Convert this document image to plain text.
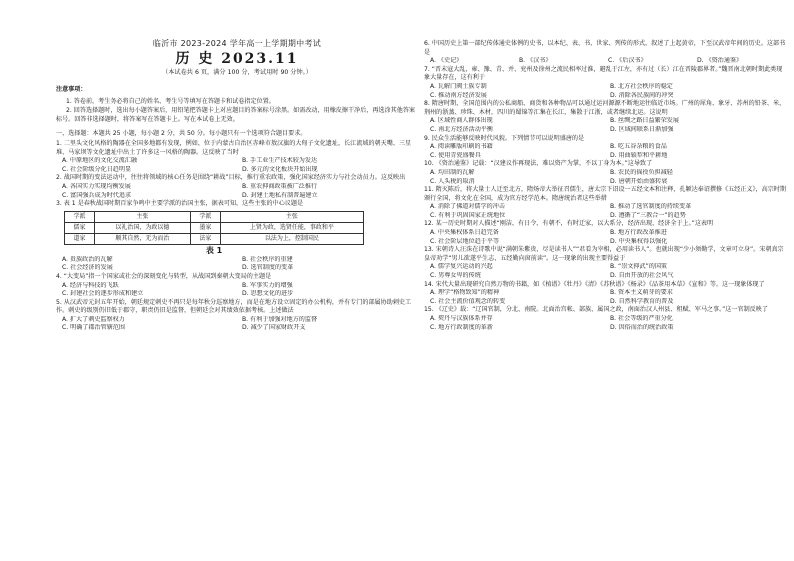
临沂市 2023-2024 学年高一上学期期中考试
历 史 2023.11
（本试卷共 6 页，满分 100 分，考试用时 90 分钟。）
注意事项：

1. 答卷前，考生务必将自己的姓名、考生号等填写在答题卡和试卷指定位置。

2. 回答选择题时，选出每小题答案后，用铅笔把答题卡上对应题目的答案标号涂黑。如需改动，用橡皮擦干净后，再选涂其他答案标号。回答非选择题时，将答案写在答题卡上。写在本试卷上无效。

一、选择题：本题共 25 小题，每小题 2 分，共 50 分。每小题只有一个选项符合题目要求。

1. 二里头文化风格的陶器在全国多地都有发现，例如，位于内蒙古自治区赤峰市敖汉旗的大甸子文化遗址，长江流域的朝天嘴、三星堆、马家坝等文化遗址中出土了许多这一风格的陶器。这反映了当时

A. 中原地区的文化交流汇融	B. 手工业生产技术较为发达
C. 社会阶级分化日趋明显	D. 多元的文化板块开始出现

2. 战国时期的变法运动中，往往将领域的核心任务是围绕“耕战”目标，推行重农政策，强化国家经济实力与社会动员力。这反映出

A. 各国实力实现均衡发展	B. 重农抑商政策被广泛推行
C. 富国强兵成为时代追求	D. 封建土地私有制普遍建立

3. 表 1 是春秋战国时期百家争鸣中主要学派的治国主张，据表可知，这些主张的中心议题是

学派	主张	学派	主张
儒家	以礼治国，为政以德	墨家	上贤为政，选贤任能，事政和平
道家	顺其自然，无为而治	法家	以法为上，控制国民
表 1
A. 贵族政治的瓦解	B. 社会秩序的重建
C. 社会经济的发展	D. 选官制度的变革

4. “大变局”指一个国家或社会的深刻变化与转型，从战国到秦朝大变局的主题是

A. 经济与科技的飞跃	B. 军事实力的增强
C. 封建社会的逐步形成和建立	D. 思想文化的进步

5. 从汉武帝元封五年开始，朝廷规定刺史不再只是每年秋分巡察地方，而是在地方设立固定的办公机构，并有专门的部属协助刺史工作。刺史的级别仍旧低于郡守，职责仍旧是监督，但朝廷会对其绩效依据考核。上述做法

A. 扩大了刺史监察权力	B. 有利于加强对地方的监督
C. 明确了郡治管辖范围	D. 减少了国家财政开支

6. 中国历史上第一部纪传体通史体例的史书，以本纪、表、书、世家、列传的形式，叙述了上起黄帝，下至汉武帝年间的历史。这部书是

A. 《史记》	B. 《汉书》	C. 《后汉书》	D. 《资治通鉴》

7. “晋末寇大乱，雍、豫、青、并、兖州及徐州之流民相率过淮，避乱于江左，亦有过（长）江在晋陵郡界者。”魏晋南北朝时期此类现象大量存在，这有利于

A. 瓦解门阀士族专制	B. 北方社会秩序的稳定
C. 推动南方经济发展	D. 消除各民族间的冲突

8. 隋唐时期，全国范围内的公私商船、商货和各种物品可以通过运河源源不断地运往临近市场。广州的犀角、象牙、苏州的铅茶、米，荆州的浙蒸、珍珠、木材，四川的蜀锦等汇集在长江，集散于江浙，或者继续北运。这说明

A. 区域性商人群体出现	B. 丝绸之路日益繁荣发展
C. 南北方经济活动平衡	D. 区域间联系日渐加强

9. 民众生活能够反映时代风貌。下列情节可以说明盛唐的是

A. 阅读雕版印刷的书籍	B. 吃五谷杂粮的食品
C. 使用青瓷盛餐具	D. 用曲辕犁和平耕地

10. 《资治通鉴》记载：“汉建议作再现法，难以资产为掌，不以丁身为本。”这导致了

A. 均田制的瓦解	B. 农民的徭役负担减轻
C. 人头税的取消	D. 唐朝开始由盛转衰

11. 隋灭陈后，将大量士人迁至北方，隋炀帝大举征召儒生，唐太宗下诏设一五经文本和注释，孔颖达奉诏撰修《五经正义》，高宗时期颁行全国，将文化在全国，成为官方经学范本。隋唐统治者这些举措

A. 消除了佛道对儒学的冲击	B. 推动了选官制度的持续变革
C. 有利于巩固国家正统地位	D. 遵循了“三教合一”的趋势

12. 某一历史时期对人描述“刚洁、有日令、有朝不，有时迁家，以大系分，经济出现，经济全于上。”这表明

A. 中央集权体系日趋完备	B. 地方行政改革推进
C. 社会阶层地位趋于平等	D. 中央集权得以强化

13. 宋朝诗人汪洙在诗歌中说“满朝朱紫贵，尽是读书人”“君看为宰相，必用读书人”。也就出现“少小须勤学，文章可立身”。宋朝真宗皇帝劝学“男儿欲遂平生志，五经勤向窗前读”。这一现象的出现主要得益于

A. 儒学复兴运动的兴起	B. “崇文抑武”的国策
C. 男尊女卑的传统	D. 自由开放的社会风气

14. 宋代大量出现研究自然万物的书籍，如《植谱》《牡丹》《清》《苏秋谱》《杨录》《品茶用本草》《宣和》等。这一现象体现了

A. 理学“格物致知”的精神	B. 资本主义萌芽的要求
C. 社会主流价值观念的转变	D. 自然科学教育的普及

15. 《辽史》载：“辽国官制，分北、南院。北面治宫帐、部族、属国之政，南面治汉人州县、租赋、军马之事。”这一官制反映了

A. 契丹与汉族体系并存	B. 社会等级的严重分化
C. 地方行政制度的革新	D. 因俗而治的统治政策
